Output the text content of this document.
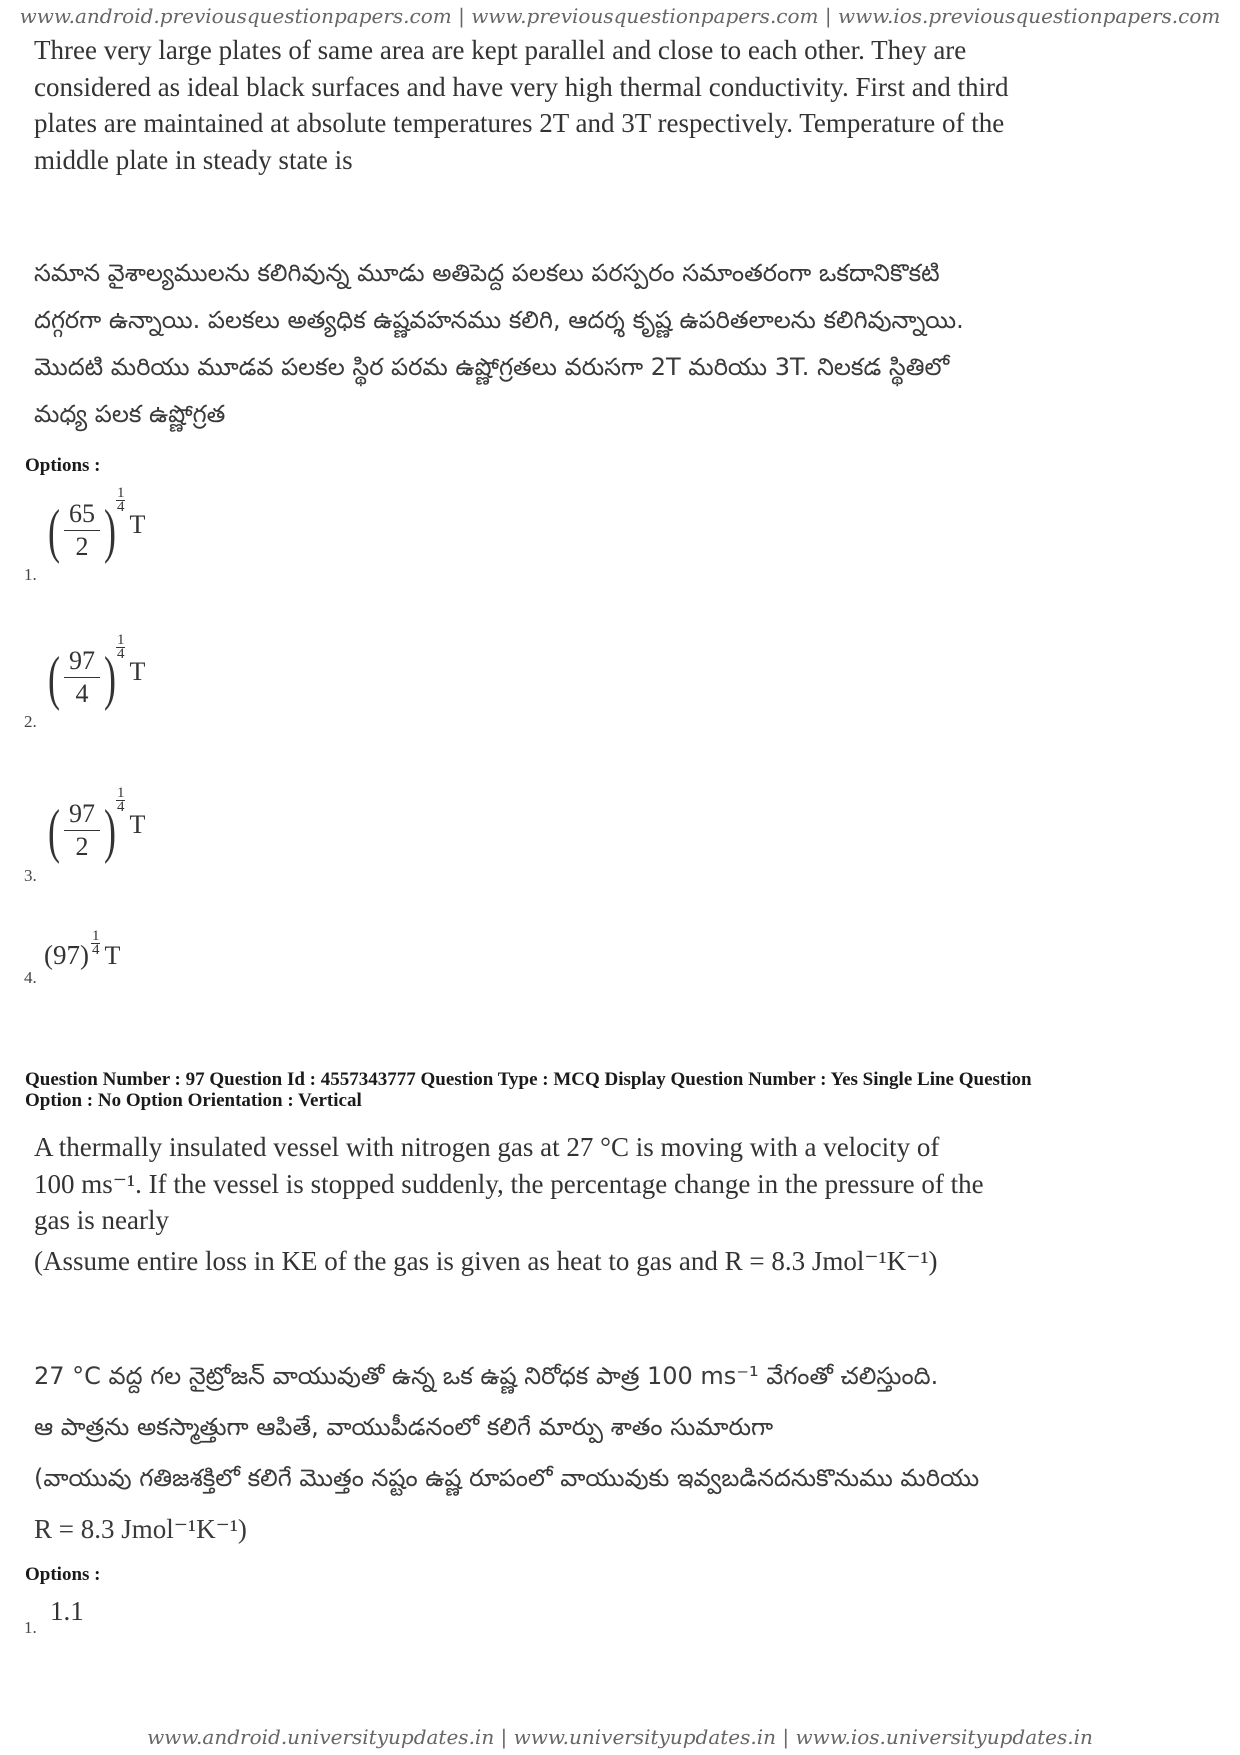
www.android.previousquestionpapers.com | www.previousquestionpapers.com | www.ios.previousquestionpapers.com

Three very large plates of same area are kept parallel and close to each other. They are

considered as ideal black surfaces and have very high thermal conductivity. First and third

plates are maintained at absolute temperatures 2T and 3T respectively. Temperature of the

middle plate in steady state is

సమాన వైశాల్యములను కలిగివున్న మూడు అతిపెద్ద పలకలు పరస్పరం సమాంతరంగా ఒకదానికొకటి

దగ్గరగా ఉన్నాయి. పలకలు అత్యధిక ఉష్ణవహనము కలిగి, ఆదర్శ కృష్ణ ఉపరితలాలను కలిగివున్నాయి.

మొదటి మరియు మూడవ పలకల స్థిర పరమ ఉష్ణోగ్రతలు వరుసగా 2T మరియు 3T. నిలకడ స్థితిలో

మధ్య పలక ఉష్ణోగ్రత

Options :
1.
( $\frac{65}{2}$ ) $\frac{1}{4}$
T
2.
( $\frac{97}{4}$ ) $\frac{1}{4}$
T
3.
( $\frac{97}{2}$ ) $\frac{1}{4}$
T
4.
$(97) \frac{1}{4}$ T

Question Number : 97 Question Id : 4557343777 Question Type : MCQ Display Question Number : Yes Single Line Question

Option : No Option Orientation : Vertical

A thermally insulated vessel with nitrogen gas at 27 °C is moving with a velocity of

100 ms⁻¹. If the vessel is stopped suddenly, the percentage change in the pressure of the

gas is nearly

(Assume entire loss in KE of the gas is given as heat to gas and R = 8.3 Jmol⁻¹K⁻¹)

27 °C వద్ద గల నైట్రోజన్ వాయువుతో ఉన్న ఒక ఉష్ణ నిరోధక పాత్ర 100 ms⁻¹ వేగంతో చలిస్తుంది.

ఆ పాత్రను అకస్మాత్తుగా ఆపితే, వాయుపీడనంలో కలిగే మార్పు శాతం సుమారుగా

(వాయువు గతిజశక్తిలో కలిగే మొత్తం నష్టం ఉష్ణ రూపంలో వాయువుకు ఇవ్వబడినదనుకొనుము మరియు

R = 8.3 Jmol⁻¹K⁻¹)

Options :
1.
1.1
www.android.universityupdates.in | www.universityupdates.in | www.ios.universityupdates.in
